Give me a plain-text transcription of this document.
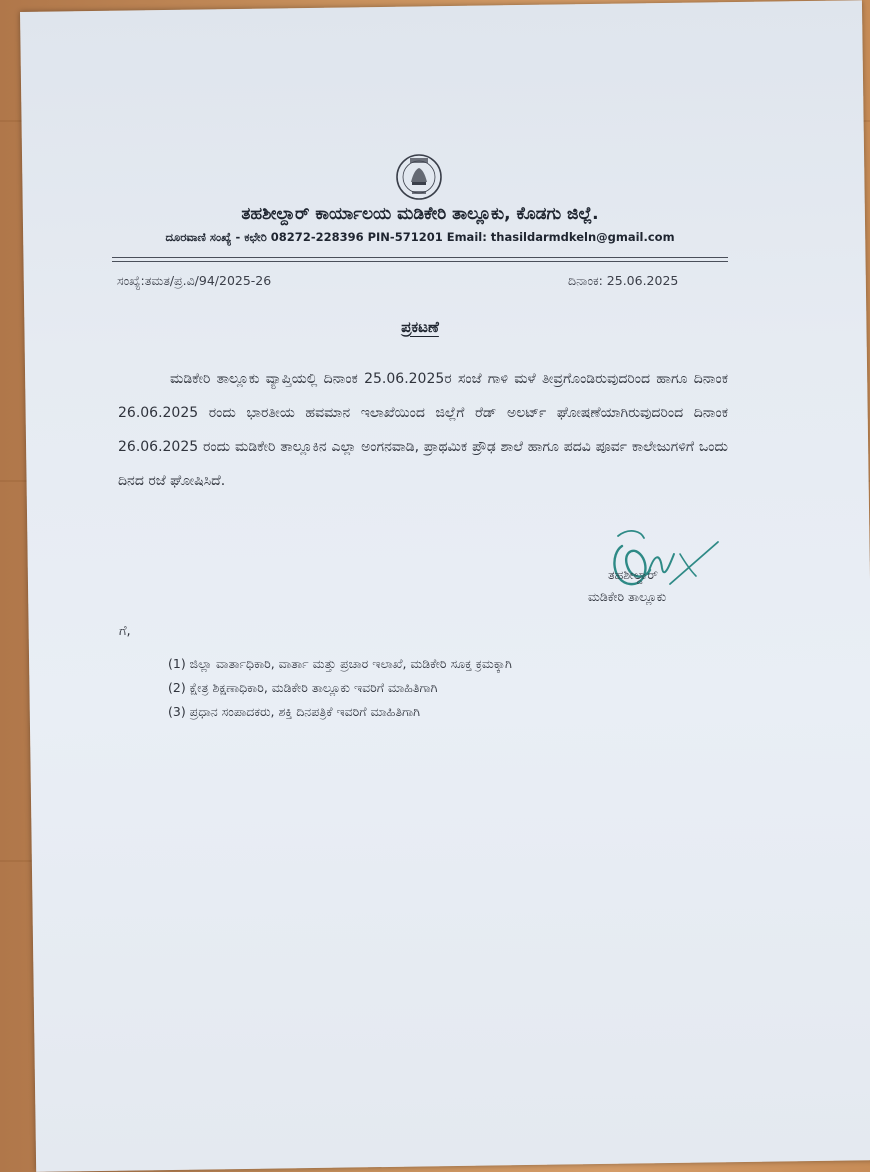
ತಹಶೀಲ್ದಾರ್ ಕಾರ್ಯಾಲಯ ಮಡಿಕೇರಿ ತಾಲ್ಲೂಕು, ಕೊಡಗು ಜಿಲ್ಲೆ.
ದೂರವಾಣಿ ಸಂಖ್ಯೆ - ಕಛೇರಿ 08272-228396 PIN-571201 Email: thasildarmdkeln@gmail.com
ಸಂಖ್ಯೆ:ತಮತ/ಪ್ರ.ವಿ/94/2025-26	ದಿನಾಂಕ: 25.06.2025
ಪ್ರಕಟಣೆ
ಮಡಿಕೇರಿ ತಾಲ್ಲೂಕು ವ್ಯಾಪ್ತಿಯಲ್ಲಿ ದಿನಾಂಕ 25.06.2025ರ ಸಂಜೆ ಗಾಳಿ ಮಳೆ ತೀವ್ರಗೊಂಡಿರುವುದರಿಂದ ಹಾಗೂ ದಿನಾಂಕ 26.06.2025 ರಂದು ಭಾರತೀಯ ಹವಮಾನ ಇಲಾಖೆಯಿಂದ ಜಿಲ್ಲೆಗೆ ರೆಡ್ ಅಲರ್ಟ್ ಘೋಷಣೆಯಾಗಿರುವುದರಿಂದ ದಿನಾಂಕ 26.06.2025 ರಂದು ಮಡಿಕೇರಿ ತಾಲ್ಲೂಕಿನ ಎಲ್ಲಾ ಅಂಗನವಾಡಿ, ಪ್ರಾಥಮಿಕ ಪ್ರೌಢ ಶಾಲೆ ಹಾಗೂ ಪದವಿ ಪೂರ್ವ ಕಾಲೇಜುಗಳಿಗೆ ಒಂದು ದಿನದ ರಜೆ ಘೋಷಿಸಿದೆ.
ತಹಶೀಲ್ದಾರ್
ಮಡಿಕೇರಿ ತಾಲ್ಲೂಕು
ಗೆ,
(1) ಜಿಲ್ಲಾ ವಾರ್ತಾಧಿಕಾರಿ, ವಾರ್ತಾ ಮತ್ತು ಪ್ರಚಾರ ಇಲಾಖೆ, ಮಡಿಕೇರಿ ಸೂಕ್ತ ಕ್ರಮಕ್ಕಾಗಿ
(2) ಕ್ಷೇತ್ರ ಶಿಕ್ಷಣಾಧಿಕಾರಿ, ಮಡಿಕೇರಿ ತಾಲ್ಲೂಕು ಇವರಿಗೆ ಮಾಹಿತಿಗಾಗಿ
(3) ಪ್ರಧಾನ ಸಂಪಾದಕರು, ಶಕ್ತಿ ದಿನಪತ್ರಿಕೆ ಇವರಿಗೆ ಮಾಹಿತಿಗಾಗಿ
